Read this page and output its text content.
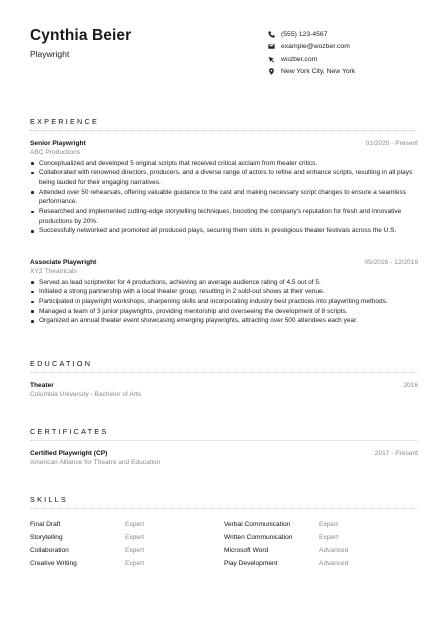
Cynthia Beier
Playwright
(555) 123-4567
example@wozber.com
wozber.com
New York City, New York
EXPERIENCE
Senior Playwright	01/2020 - Present
ABC Productions
Conceptualized and developed 5 original scripts that received critical acclaim from theater critics.
Collaborated with renowned directors, producers, and a diverse range of actors to refine and enhance scripts, resulting in all plays being lauded for their engaging narratives.
Attended over 50 rehearsals, offering valuable guidance to the cast and making necessary script changes to ensure a seamless performance.
Researched and implemented cutting-edge storytelling techniques, boosting the company's reputation for fresh and innovative productions by 20%.
Successfully networked and promoted all produced plays, securing them slots in prestigious theater festivals across the U.S.
Associate Playwright	05/2016 - 12/2019
XYZ Theatricals
Served as lead scriptwriter for 4 productions, achieving an average audience rating of 4.5 out of 5.
Initiated a strong partnership with a local theater group, resulting in 2 sold-out shows at their venue.
Participated in playwright workshops, sharpening skills and incorporating industry best practices into playwriting methods.
Managed a team of 3 junior playwrights, providing mentorship and overseeing the development of 8 scripts.
Organized an annual theater event showcasing emerging playwrights, attracting over 500 attendees each year.
EDUCATION
Theater	2016
Columbia University - Bachelor of Arts
CERTIFICATES
Certified Playwright (CP)	2017 - Present
American Alliance for Theatre and Education
SKILLS
Final Draft	Expert	Verbal Communication	Expert
Storytelling	Expert	Written Communication	Expert
Collaboration	Expert	Microsoft Word	Advanced
Creative Writing	Expert	Play Development	Advanced
